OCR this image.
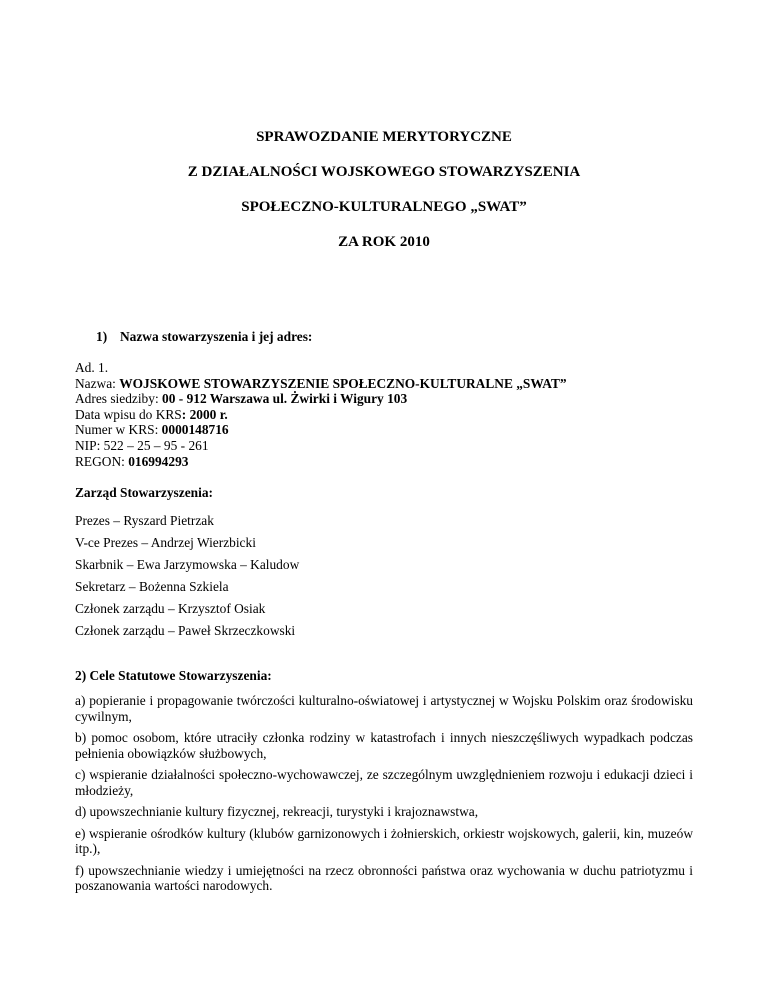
SPRAWOZDANIE MERYTORYCZNE
Z DZIAŁALNOŚCI WOJSKOWEGO STOWARZYSZENIA
SPOŁECZNO-KULTURALNEGO „SWAT”
ZA ROK 2010
1) Nazwa stowarzyszenia i jej adres:
Ad. 1.
Nazwa: WOJSKOWE STOWARZYSZENIE SPOŁECZNO-KULTURALNE „SWAT”
Adres siedziby: 00 - 912 Warszawa ul. Żwirki i Wigury 103
Data wpisu do KRS: 2000 r.
Numer w KRS: 0000148716
NIP: 522 – 25 – 95 - 261
REGON: 016994293
Zarząd Stowarzyszenia:
Prezes – Ryszard Pietrzak
V-ce Prezes – Andrzej Wierzbicki
Skarbnik – Ewa Jarzymowska – Kaludow
Sekretarz – Bożenna Szkiela
Członek zarządu – Krzysztof Osiak
Członek zarządu – Paweł Skrzeczkowski
2) Cele Statutowe Stowarzyszenia:

a) popieranie i propagowanie twórczości kulturalno-oświatowej i artystycznej w Wojsku Polskim oraz środowisku cywilnym,

b) pomoc osobom, które utraciły członka rodziny w katastrofach i innych nieszczęśliwych wypadkach podczas pełnienia obowiązków służbowych,

c) wspieranie działalności społeczno-wychowawczej, ze szczególnym uwzględnieniem rozwoju i edukacji dzieci i młodzieży,

d) upowszechnianie kultury fizycznej, rekreacji, turystyki i krajoznawstwa,

e) wspieranie ośrodków kultury (klubów garnizonowych i żołnierskich, orkiestr wojskowych, galerii, kin, muzeów itp.),

f) upowszechnianie wiedzy i umiejętności na rzecz obronności państwa oraz wychowania w duchu patriotyzmu i poszanowania wartości narodowych.
